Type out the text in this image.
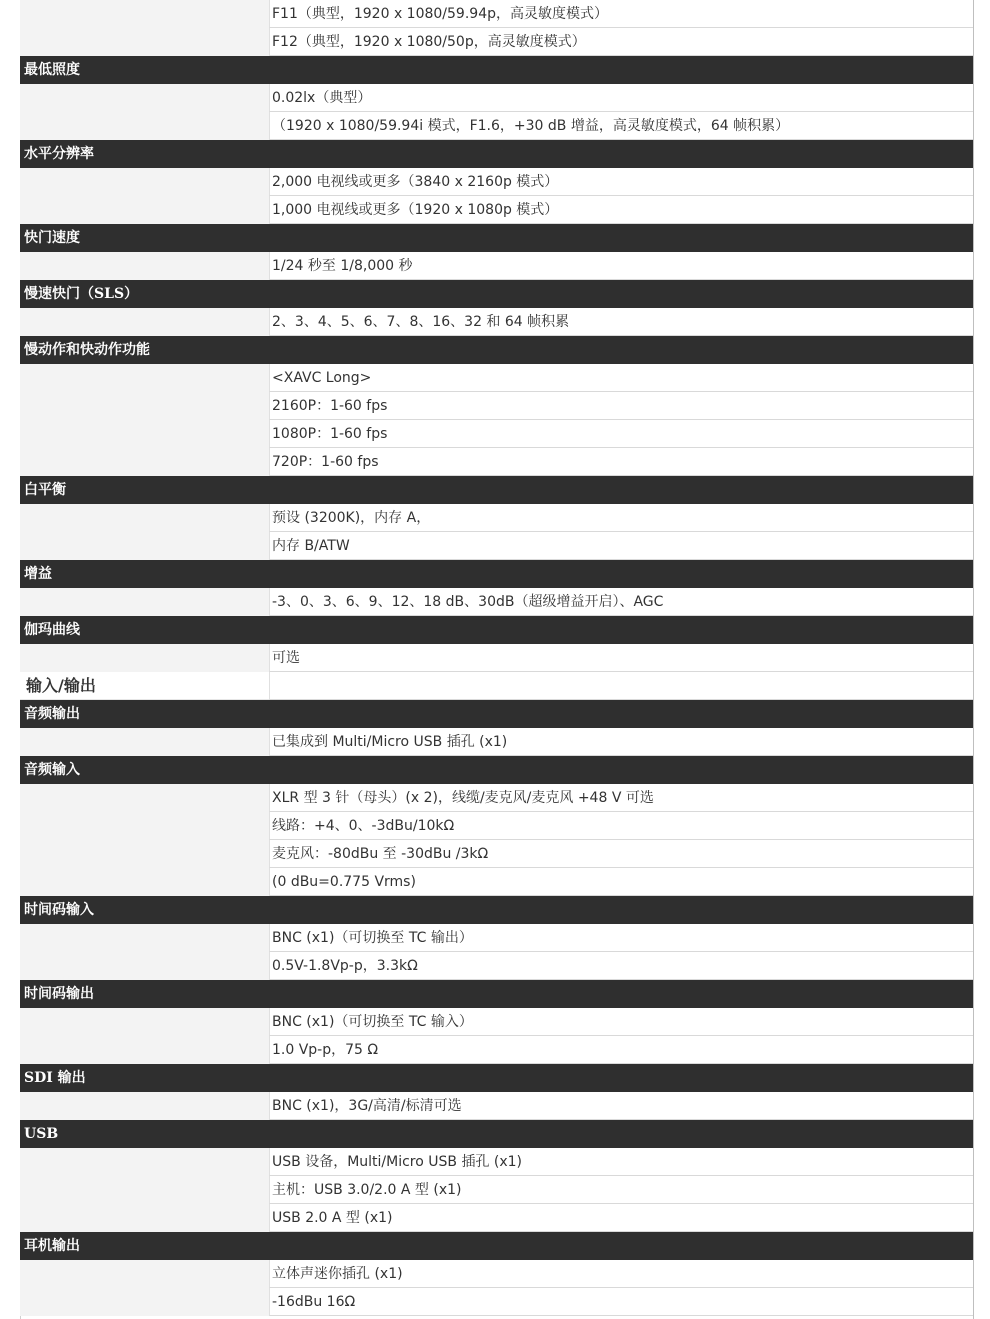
F11（典型，1920 x 1080/59.94p，高灵敏度模式）
F12（典型，1920 x 1080/50p，高灵敏度模式）
最低照度
0.02lx（典型）
（1920 x 1080/59.94i 模式，F1.6，+30 dB 增益，高灵敏度模式，64 帧积累）
水平分辨率
2,000 电视线或更多（3840 x 2160p 模式）
1,000 电视线或更多（1920 x 1080p 模式）
快门速度
1/24 秒至 1/8,000 秒
慢速快门（SLS）
2、3、4、5、6、7、8、16、32 和 64 帧积累
慢动作和快动作功能
<XAVC Long>
2160P：1-60 fps
1080P：1-60 fps
720P：1-60 fps
白平衡
预设 (3200K)，内存 A，
内存 B/ATW
增益
-3、0、3、6、9、12、18 dB、30dB（超级增益开启）、AGC
伽玛曲线
可选
输入/输出
音频输出
已集成到 Multi/Micro USB 插孔 (x1)
音频输入
XLR 型 3 针（母头）(x 2)，线缆/麦克风/麦克风 +48 V 可选
线路：+4、0、-3dBu/10kΩ
麦克风：-80dBu 至 -30dBu /3kΩ
(0 dBu=0.775 Vrms)
时间码输入
BNC (x1)（可切换至 TC 输出）
0.5V-1.8Vp-p，3.3kΩ
时间码输出
BNC (x1)（可切换至 TC 输入）
1.0 Vp-p，75 Ω
SDI 输出
BNC (x1)，3G/高清/标清可选
USB
USB 设备，Multi/Micro USB 插孔 (x1)
主机：USB 3.0/2.0 A 型 (x1)
USB 2.0 A 型 (x1)
耳机输出
立体声迷你插孔 (x1)
-16dBu 16Ω
